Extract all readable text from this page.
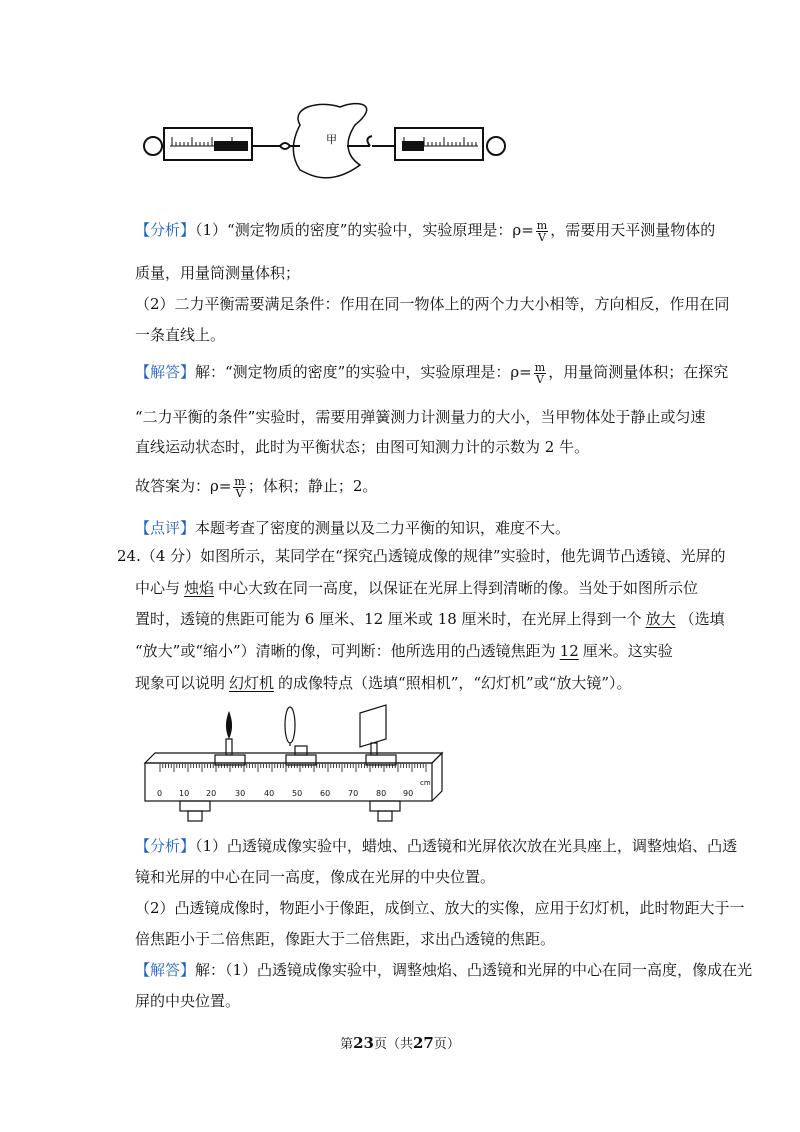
甲
【分析】（1）“测定物质的密度”的实验中，实验原理是：$\rho= \frac{m}{V}$ ，需要用天平测量物体的
质量，用量筒测量体积；
（2）二力平衡需要满足条件：作用在同一物体上的两个力大小相等，方向相反，作用在同
一条直线上。
【解答】解：“测定物质的密度”的实验中，实验原理是：$\rho= \frac{m}{V}$ ，用量筒测量体积；在探究
“二力平衡的条件”实验时，需要用弹簧测力计测量力的大小，当甲物体处于静止或匀速
直线运动状态时，此时为平衡状态；由图可知测力计的示数为 2 牛。
故答案为：$\rho= \frac{m}{V}$ ；体积；静止；2。
【点评】本题考查了密度的测量以及二力平衡的知识，难度不大。
24.（4 分）如图所示，某同学在“探究凸透镜成像的规律”实验时，他先调节凸透镜、光屏的
中心与 烛焰 中心大致在同一高度，以保证在光屏上得到清晰的像。当处于如图所示位
置时，透镜的焦距可能为 6 厘米、12 厘米或 18 厘米时，在光屏上得到一个 放大 （选填
“放大”或“缩小”）清晰的像，可判断：他所选用的凸透镜焦距为 12 厘米。这实验
现象可以说明 幻灯机 的成像特点（选填“照相机”，“幻灯机”或“放大镜”）。
0 10 20 30 40 50 60 70 80 90
cm
【分析】（1）凸透镜成像实验中，蜡烛、凸透镜和光屏依次放在光具座上，调整烛焰、凸透
镜和光屏的中心在同一高度，像成在光屏的中央位置。
（2）凸透镜成像时，物距小于像距，成倒立、放大的实像，应用于幻灯机，此时物距大于一
倍焦距小于二倍焦距，像距大于二倍焦距，求出凸透镜的焦距。
【解答】解：（1）凸透镜成像实验中，调整烛焰、凸透镜和光屏的中心在同一高度，像成在光
屏的中央位置。
第23页（共27页）
